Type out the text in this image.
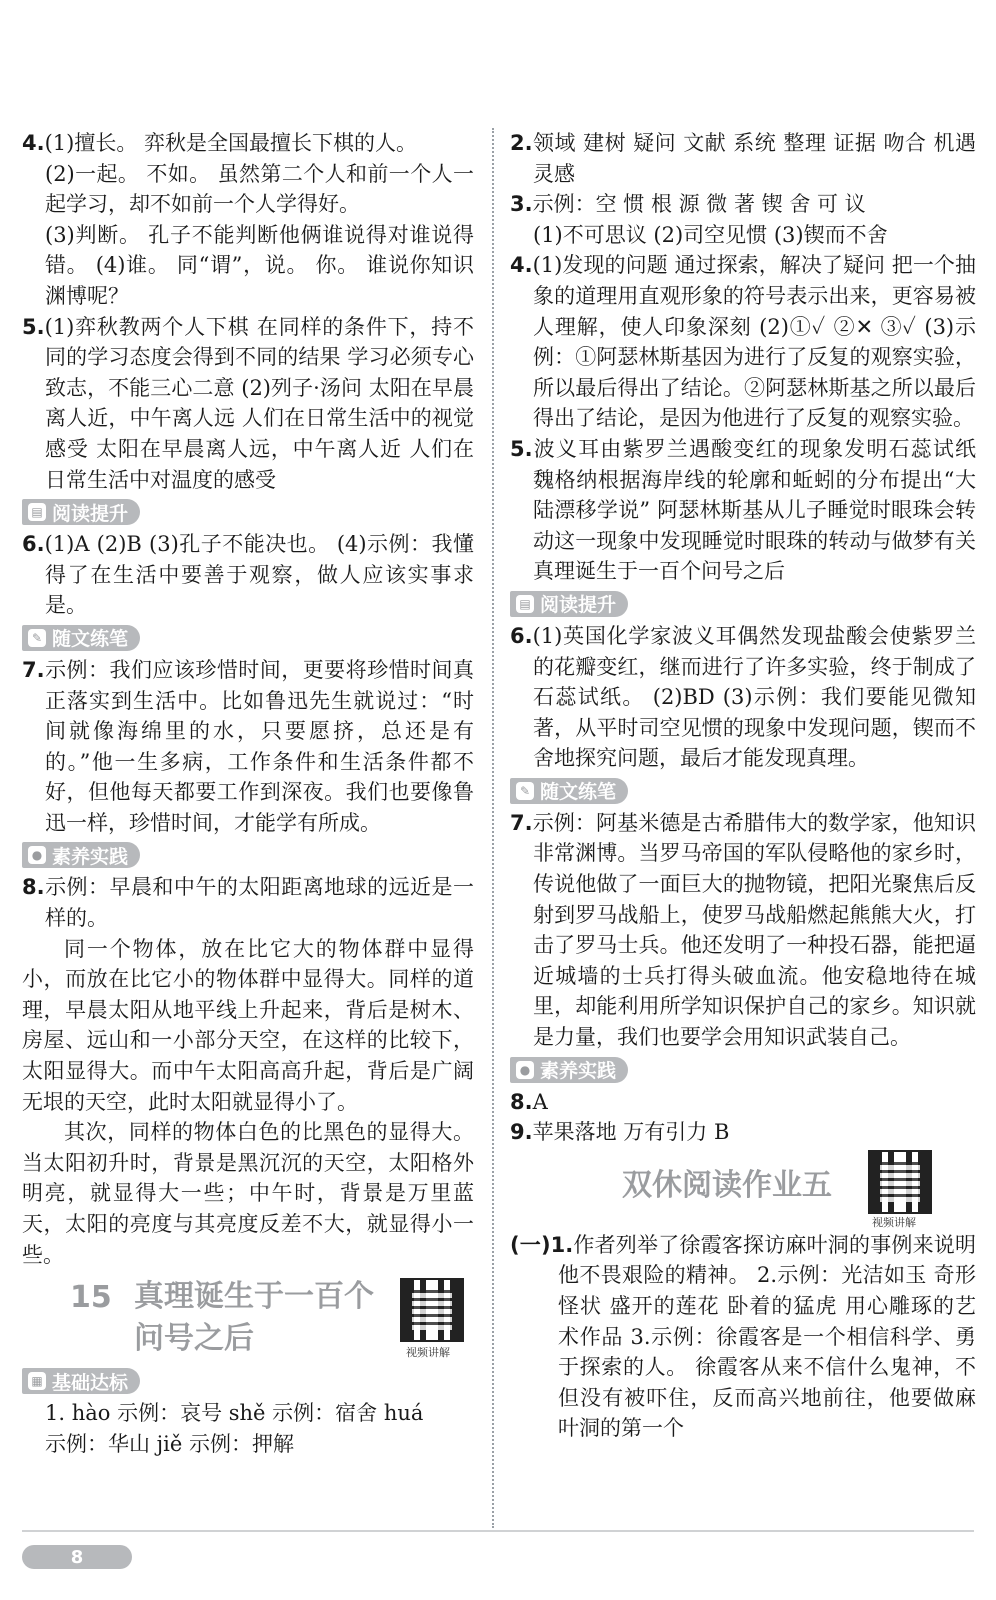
4.(1)擅长。 弈秋是全国最擅长下棋的人。

(2)一起。 不如。 虽然第二个人和前一个人一起学习，却不如前一个人学得好。

(3)判断。 孔子不能判断他俩谁说得对谁说得错。 (4)谁。 同“谓”，说。 你。 谁说你知识渊博呢？

5.(1)弈秋教两个人下棋 在同样的条件下，持不同的学习态度会得到不同的结果 学习必须专心致志，不能三心二意 (2)列子·汤问 太阳在早晨离人近，中午离人远 人们在日常生活中的视觉感受 太阳在早晨离人远，中午离人近 人们在日常生活中对温度的感受

▤ 阅读提升

6.(1)A (2)B (3)孔子不能决也。 (4)示例：我懂得了在生活中要善于观察，做人应该实事求是。

✎ 随文练笔

7.示例：我们应该珍惜时间，更要将珍惜时间真正落实到生活中。比如鲁迅先生就说过：“时间就像海绵里的水，只要愿挤，总还是有的。”他一生多病，工作条件和生活条件都不好，但他每天都要工作到深夜。我们也要像鲁迅一样，珍惜时间，才能学有所成。

● 素养实践

8.示例：早晨和中午的太阳距离地球的远近是一样的。

同一个物体，放在比它大的物体群中显得小，而放在比它小的物体群中显得大。同样的道理，早晨太阳从地平线上升起来，背后是树木、房屋、远山和一小部分天空，在这样的比较下，太阳显得大。而中午太阳高高升起，背后是广阔无垠的天空，此时太阳就显得小了。

其次，同样的物体白色的比黑色的显得大。当太阳初升时，背景是黑沉沉的天空，太阳格外明亮，就显得大一些；中午时，背景是万里蓝天，太阳的亮度与其亮度反差不大，就显得小一些。

15 真理诞生于一百个问号之后	视频讲解
▦ 基础达标

1. hào 示例：哀号 shě 示例：宿舍 huá

示例：华山 jiě 示例：押解

2.领域 建树 疑问 文献 系统 整理 证据 吻合 机遇 灵感

3.示例：空 惯 根 源 微 著 锲 舍 可 议

(1)不可思议 (2)司空见惯 (3)锲而不舍

4.(1)发现的问题 通过探索，解决了疑问 把一个抽象的道理用直观形象的符号表示出来，更容易被人理解，使人印象深刻 (2)①✓ ②✕ ③✓ (3)示例：①阿瑟林斯基因为进行了反复的观察实验，所以最后得出了结论。②阿瑟林斯基之所以最后得出了结论，是因为他进行了反复的观察实验。

5.波义耳由紫罗兰遇酸变红的现象发明石蕊试纸 魏格纳根据海岸线的轮廓和蚯蚓的分布提出“大陆漂移学说” 阿瑟林斯基从儿子睡觉时眼珠会转动这一现象中发现睡觉时眼珠的转动与做梦有关 真理诞生于一百个问号之后

▤ 阅读提升

6.(1)英国化学家波义耳偶然发现盐酸会使紫罗兰的花瓣变红，继而进行了许多实验，终于制成了石蕊试纸。 (2)BD (3)示例：我们要能见微知著，从平时司空见惯的现象中发现问题，锲而不舍地探究问题，最后才能发现真理。

✎ 随文练笔

7.示例：阿基米德是古希腊伟大的数学家，他知识非常渊博。当罗马帝国的军队侵略他的家乡时，传说他做了一面巨大的抛物镜，把阳光聚焦后反射到罗马战船上，使罗马战船燃起熊熊大火，打击了罗马士兵。他还发明了一种投石器，能把逼近城墙的士兵打得头破血流。他安稳地待在城里，却能利用所学知识保护自己的家乡。知识就是力量，我们也要学会用知识武装自己。

● 素养实践

8.A

9.苹果落地 万有引力 B

双休阅读作业五
视频讲解

(一)1.作者列举了徐霞客探访麻叶洞的事例来说明他不畏艰险的精神。 2.示例：光洁如玉 奇形怪状 盛开的莲花 卧着的猛虎 用心雕琢的艺术作品 3.示例：徐霞客是一个相信科学、勇于探索的人。 徐霞客从来不信什么鬼神，不但没有被吓住，反而高兴地前往，他要做麻叶洞的第一个

8
